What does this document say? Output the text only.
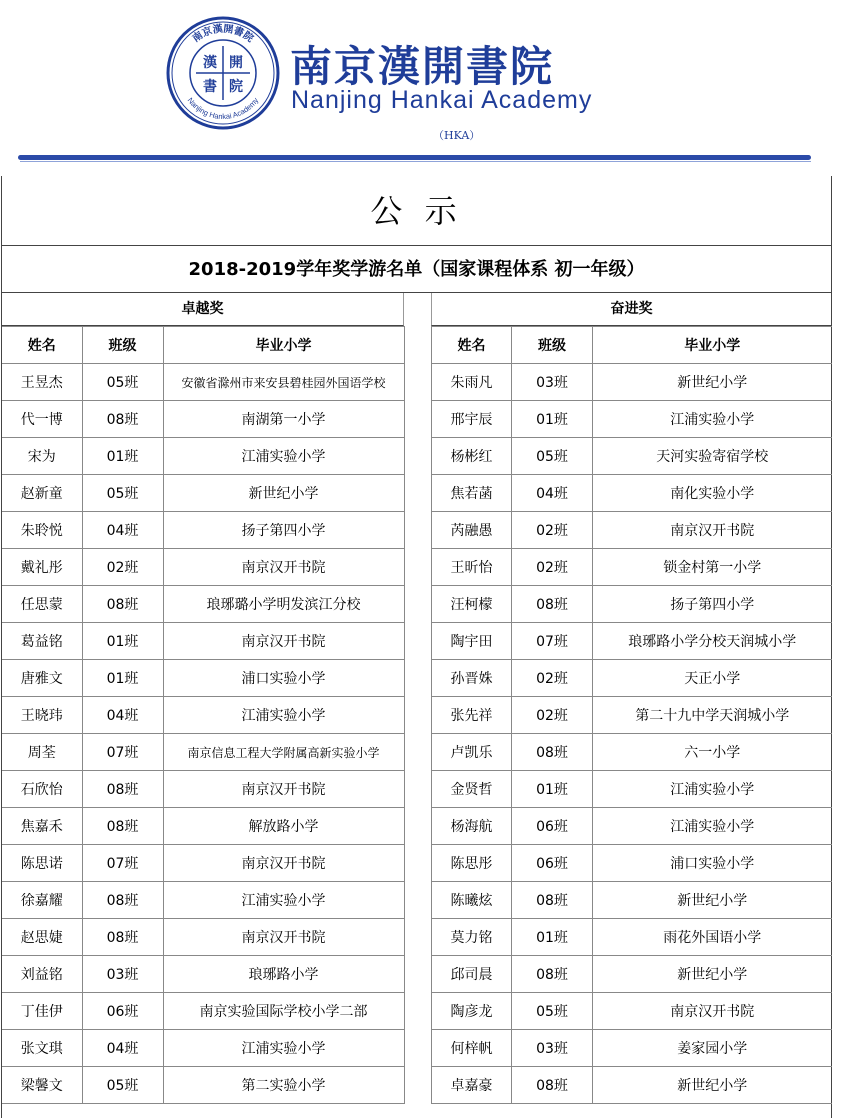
南京漢開書院
Nanjing Hankai Academy
漢 開
書 院 南京漢開書院
Nanjing Hankai Academy
（HKA）
公 示
2018-2019学年奖学游名单（国家课程体系 初一年级）
卓越奖
姓名	班级	毕业小学
王昱杰	05班	安徽省滁州市来安县碧桂园外国语学校
代一博	08班	南湖第一小学
宋为	01班	江浦实验小学
赵新童	05班	新世纪小学
朱聆悦	04班	扬子第四小学
戴礼彤	02班	南京汉开书院
任思蒙	08班	琅琊璐小学明发滨江分校
葛益铭	01班	南京汉开书院
唐雅文	01班	浦口实验小学
王晓玮	04班	江浦实验小学
周荃	07班	南京信息工程大学附属高新实验小学
石欣怡	08班	南京汉开书院
焦嘉禾	08班	解放路小学
陈思诺	07班	南京汉开书院
徐嘉耀	08班	江浦实验小学
赵思婕	08班	南京汉开书院
刘益铭	03班	琅琊路小学
丁佳伊	06班	南京实验国际学校小学二部
张文琪	04班	江浦实验小学
梁馨文	05班	第二实验小学
奋进奖
姓名	班级	毕业小学
朱雨凡	03班	新世纪小学
邢宇辰	01班	江浦实验小学
杨彬红	05班	天河实验寄宿学校
焦若菡	04班	南化实验小学
芮融愚	02班	南京汉开书院
王昕怡	02班	锁金村第一小学
汪柯檬	08班	扬子第四小学
陶宇田	07班	琅琊路小学分校天润城小学
孙晋姝	02班	天正小学
张先祥	02班	第二十九中学天润城小学
卢凯乐	08班	六一小学
金贤哲	01班	江浦实验小学
杨海航	06班	江浦实验小学
陈思彤	06班	浦口实验小学
陈曦炫	08班	新世纪小学
莫力铭	01班	雨花外国语小学
邱司晨	08班	新世纪小学
陶彦龙	05班	南京汉开书院
何梓帆	03班	姜家园小学
卓嘉豪	08班	新世纪小学
